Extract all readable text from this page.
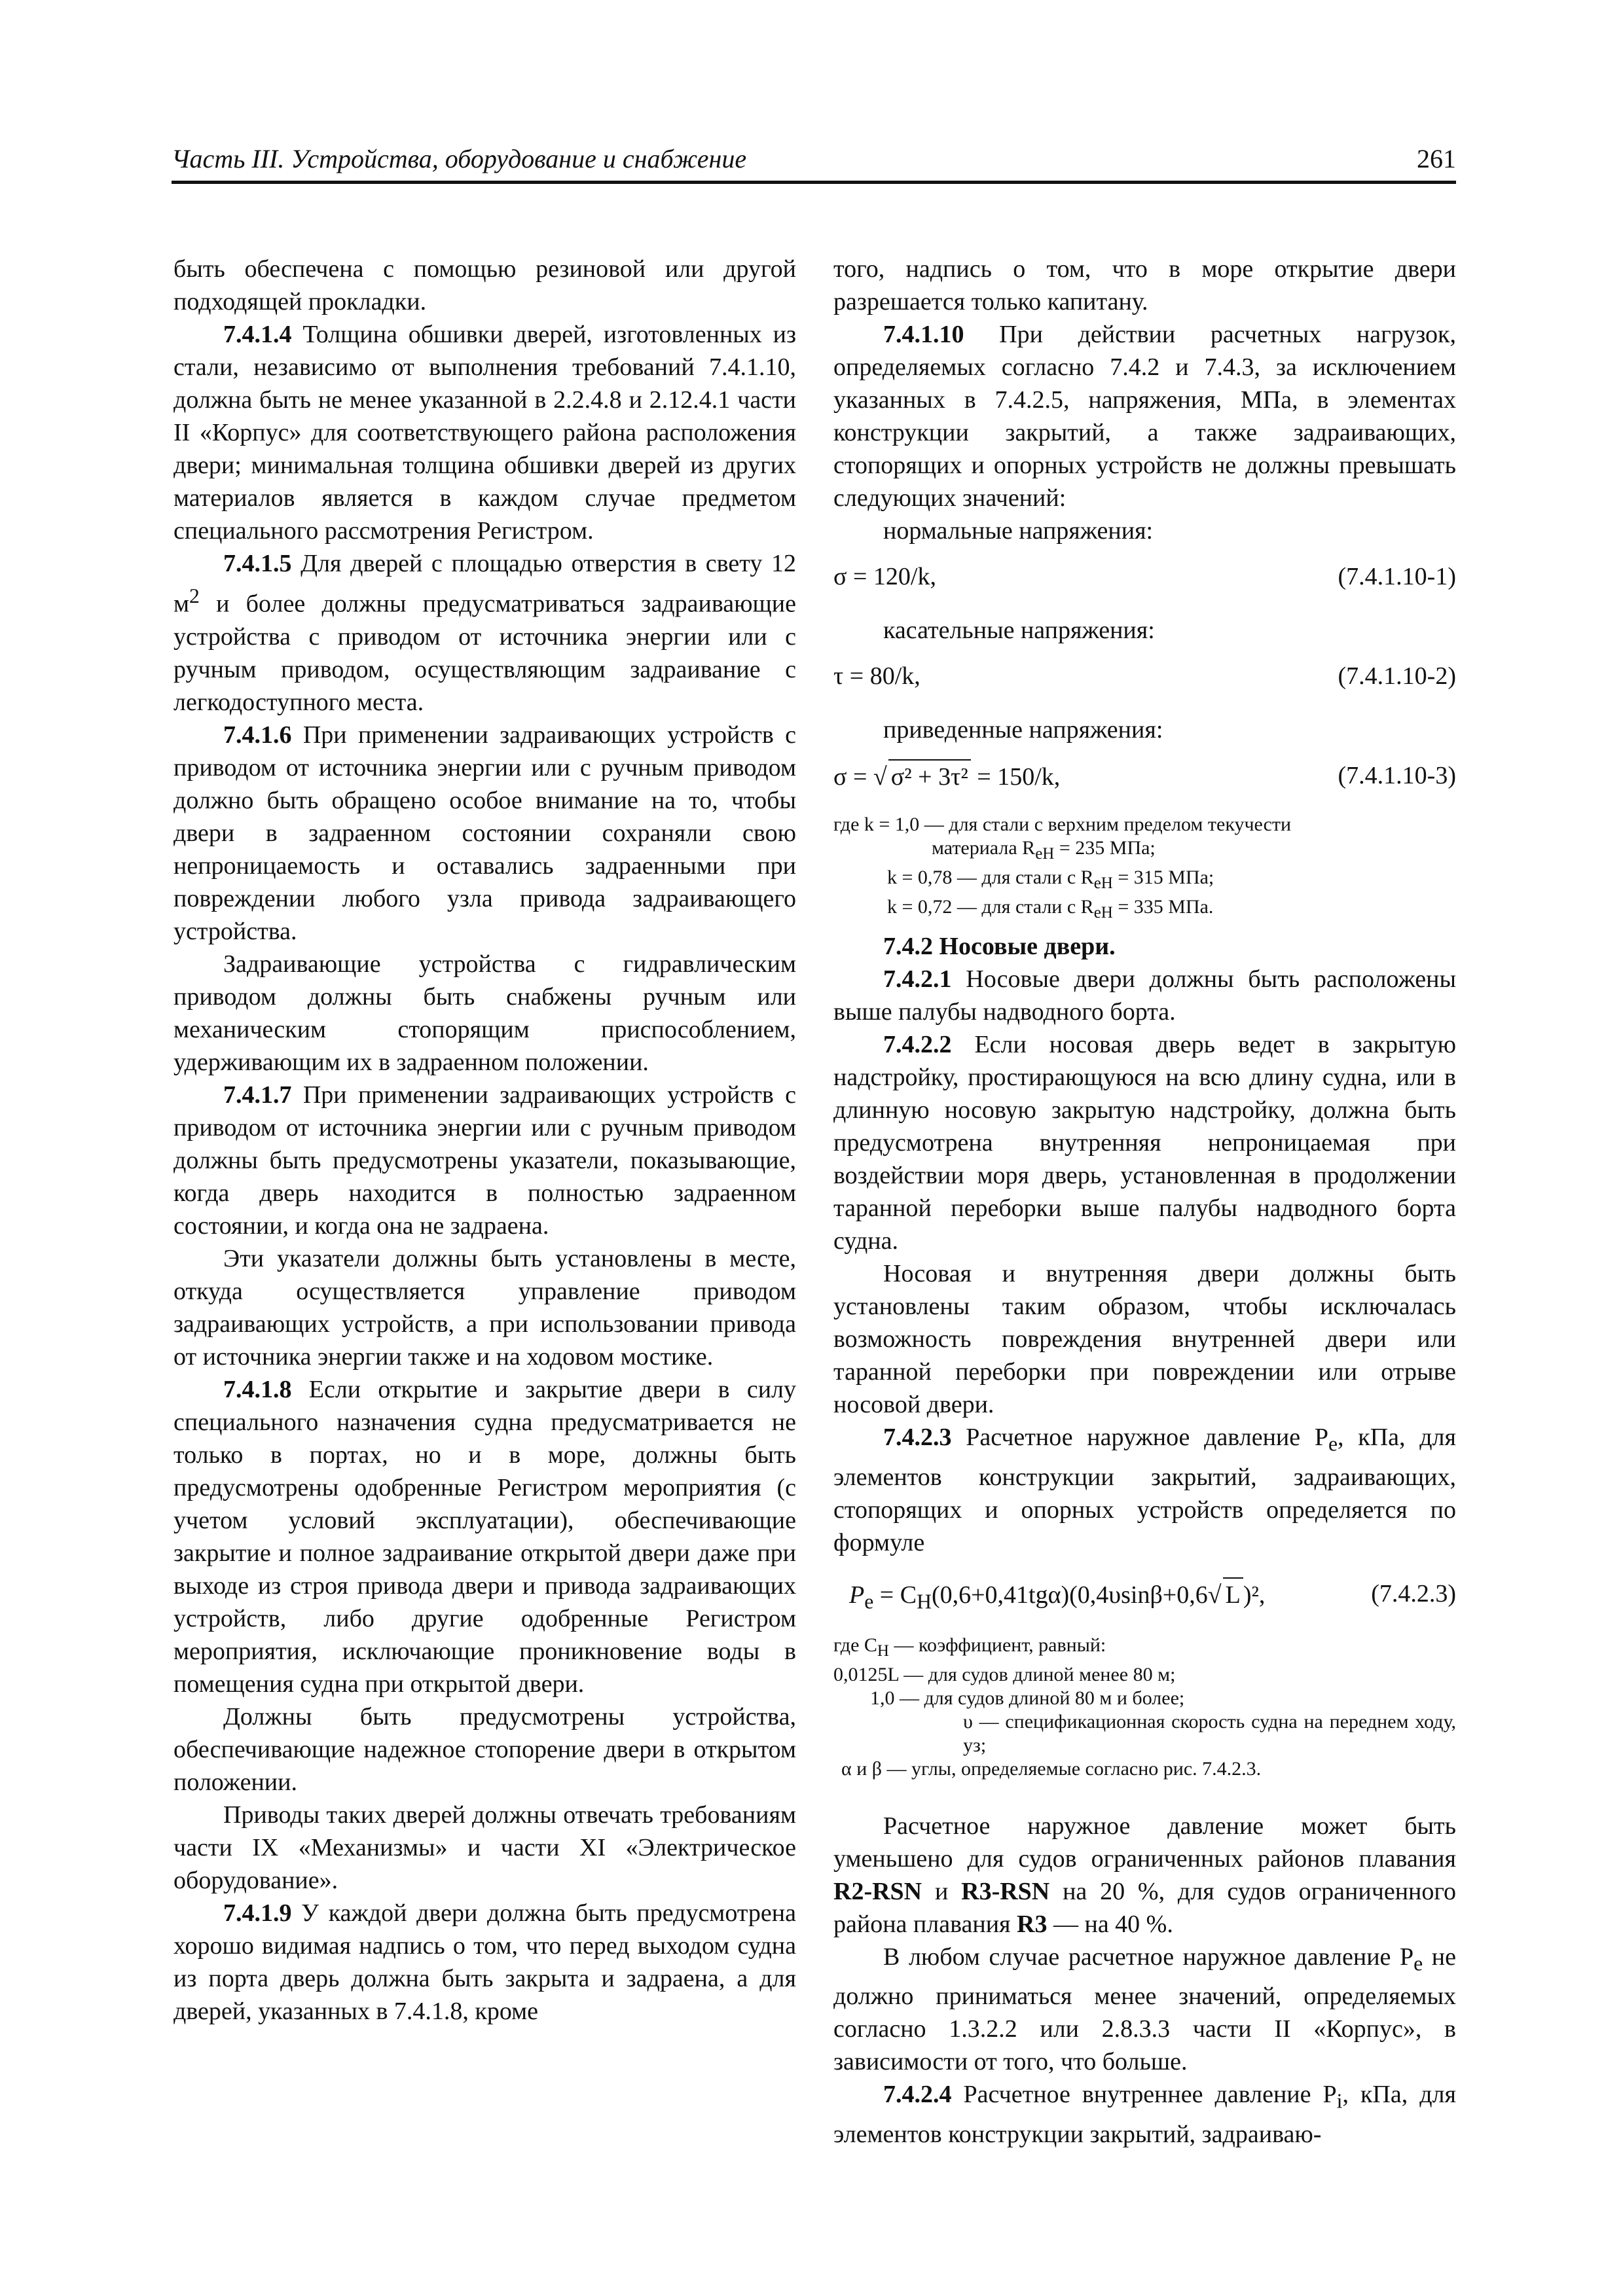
Часть III. Устройства, оборудование и снабжение	261

быть обеспечена с помощью резиновой или другой подходящей прокладки.

7.4.1.4 Толщина обшивки дверей, изготовленных из стали, независимо от выполнения требований 7.4.1.10, должна быть не менее указанной в 2.2.4.8 и 2.12.4.1 части II «Корпус» для соответствующего района расположения двери; минимальная толщина обшивки дверей из других материалов является в каждом случае предметом специального рассмотрения Регистром.

7.4.1.5 Для дверей с площадью отверстия в свету 12 $м^2$ и более должны предусматриваться задраивающие устройства с приводом от источника энергии или с ручным приводом, осуществляющим задраивание с легкодоступного места.

7.4.1.6 При применении задраивающих устройств с приводом от источника энергии или с ручным приводом должно быть обращено особое внимание на то, чтобы двери в задраенном состоянии сохраняли свою непроницаемость и оставались задраенными при повреждении любого узла привода задраивающего устройства.

Задраивающие устройства с гидравлическим приводом должны быть снабжены ручным или механическим стопорящим приспособлением, удерживающим их в задраенном положении.

7.4.1.7 При применении задраивающих устройств с приводом от источника энергии или с ручным приводом должны быть предусмотрены указатели, показывающие, когда дверь находится в полностью задраенном состоянии, и когда она не задраена.

Эти указатели должны быть установлены в месте, откуда осуществляется управление приводом задраивающих устройств, а при использовании привода от источника энергии также и на ходовом мостике.

7.4.1.8 Если открытие и закрытие двери в силу специального назначения судна предусматривается не только в портах, но и в море, должны быть предусмотрены одобренные Регистром мероприятия (с учетом условий эксплуатации), обеспечивающие закрытие и полное задраивание открытой двери даже при выходе из строя привода двери и привода задраивающих устройств, либо другие одобренные Регистром мероприятия, исключающие проникновение воды в помещения судна при открытой двери.

Должны быть предусмотрены устройства, обеспечивающие надежное стопорение двери в открытом положении.

Приводы таких дверей должны отвечать требованиям части IX «Механизмы» и части XI «Электрическое оборудование».

7.4.1.9 У каждой двери должна быть предусмотрена хорошо видимая надпись о том, что перед выходом судна из порта дверь должна быть закрыта и задраена, а для дверей, указанных в 7.4.1.8, кроме

того, надпись о том, что в море открытие двери разрешается только капитану.

7.4.1.10 При действии расчетных нагрузок, определяемых согласно 7.4.2 и 7.4.3, за исключением указанных в 7.4.2.5, напряжения, МПа, в элементах конструкции закрытий, а также задраивающих, стопорящих и опорных устройств не должны превышать следующих значений:

нормальные напряжения:

σ = 120/k,	(7.4.1.10-1)

касательные напряжения:

τ = 80/k,	(7.4.1.10-2)

приведенные напряжения:

σ = √ σ² + 3τ² = 150/k,	(7.4.1.10-3)

где k = 1,0 — для стали с верхним пределом текучести

материала $R_{eH} = 235$ МПа;

k = 0,78 — для стали с $R_{eH} = 315$ МПа;

k = 0,72 — для стали с $R_{eH} = 335$ МПа.

7.4.2 Носовые двери.

7.4.2.1 Носовые двери должны быть расположены выше палубы надводного борта.

7.4.2.2 Если носовая дверь ведет в закрытую надстройку, простирающуюся на всю длину судна, или в длинную носовую закрытую надстройку, должна быть предусмотрена внутренняя непроницаемая при воздействии моря дверь, установленная в продолжении таранной переборки выше палубы надводного борта судна.

Носовая и внутренняя двери должны быть установлены таким образом, чтобы исключалась возможность повреждения внутренней двери или таранной переборки при повреждении или отрыве носовой двери.

7.4.2.3 Расчетное наружное давление $P_e$, кПа, для элементов конструкции закрытий, задраивающих, стопорящих и опорных устройств определяется по формуле

$P_e = C_H(0,6+0,41tg\alpha)(0,4\upsilon\sin\beta+0,6√$ L )²,	(7.4.2.3)

где $C_H$ — коэффициент, равный:

0,0125L — для судов длиной менее 80 м;

1,0 — для судов длиной 80 м и более;

υ — спецификационная скорость судна на переднем ходу, уз;

α и β — углы, определяемые согласно рис. 7.4.2.3.

Расчетное наружное давление может быть уменьшено для судов ограниченных районов плавания R2-RSN и R3-RSN на 20 %, для судов ограниченного района плавания R3 — на 40 %.

В любом случае расчетное наружное давление $P_e$ не должно приниматься менее значений, определяемых согласно 1.3.2.2 или 2.8.3.3 части II «Корпус», в зависимости от того, что больше.

7.4.2.4 Расчетное внутреннее давление $P_i$, кПа, для элементов конструкции закрытий, задраиваю-
